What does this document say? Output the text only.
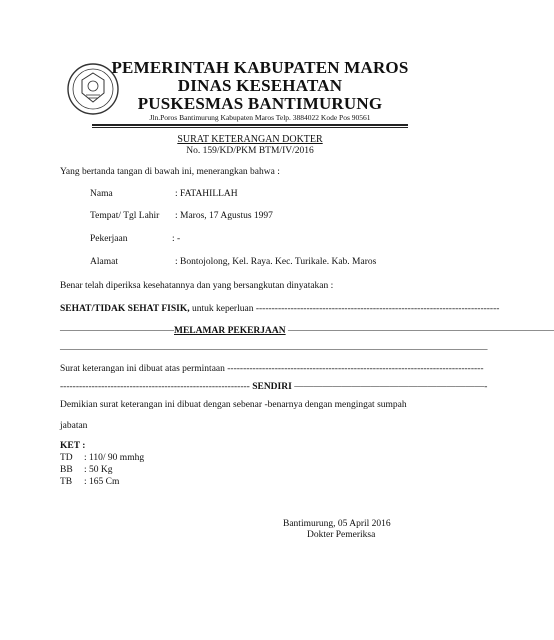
PEMERINTAH KABUPATEN MAROS
DINAS KESEHATAN
PUSKESMAS BANTIMURUNG
Jln.Poros Bantimurung Kabupaten Maros Telp. 3884022 Kode Pos 90561
SURAT KETERANGAN DOKTER
No. 159/KD/PKM BTM/IV/2016
Yang bertanda tangan di bawah ini, menerangkan bahwa :
Nama	: FATAHILLAH
Tempat/ Tgl Lahir : Maros, 17 Agustus 1997
Pekerjaan	: -
Alamat	: Bontojolong, Kel. Raya. Kec. Turikale. Kab. Maros
Benar telah diperiksa kesehatannya dan yang bersangkutan dinyatakan :
SEHAT/TIDAK SEHAT FISIK, untuk keperluan -----------------------------------------------------------------------------
————————————MELAMAR PEKERJAAN ————————————————————————————
—————————————————————————————————————————————
Surat keterangan ini dibuat atas permintaan ---------------------------------------------------------------------------------
------------------------------------------------------------ SENDIRI ————————————————————-
Demikian surat keterangan ini dibuat dengan sebenar -benarnya dengan mengingat sumpah
jabatan
KET :
TD : 110/ 90 mmhg
BB : 50 Kg
TB : 165 Cm
Bantimurung, 05 April 2016
Dokter Pemeriksa
